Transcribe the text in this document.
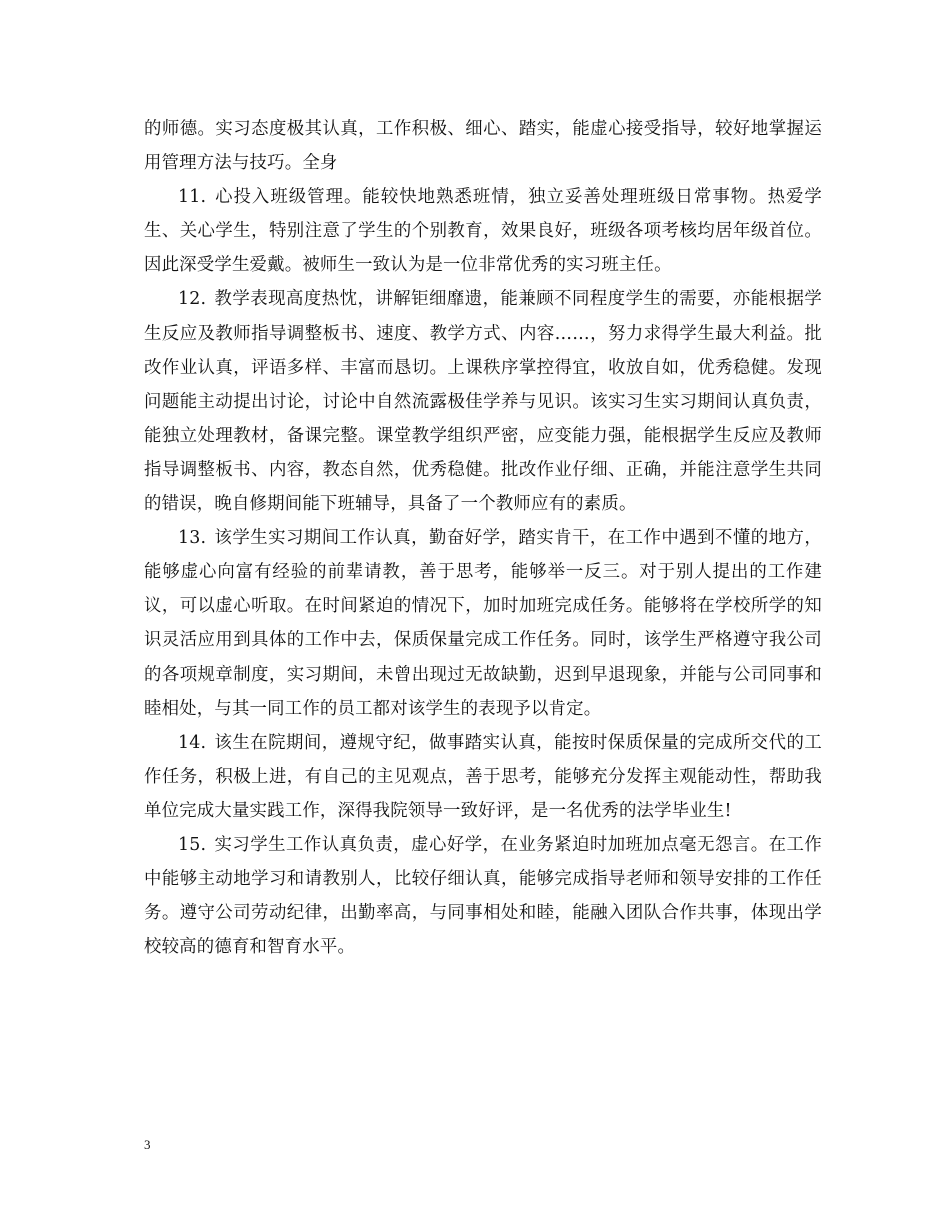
的师德。实习态度极其认真，工作积极、细心、踏实，能虚心接受指导，较好地掌握运用管理方法与技巧。全身

11. 心投入班级管理。能较快地熟悉班情，独立妥善处理班级日常事物。热爱学生、关心学生，特别注意了学生的个别教育，效果良好，班级各项考核均居年级首位。因此深受学生爱戴。被师生一致认为是一位非常优秀的实习班主任。

12. 教学表现高度热忱，讲解钜细靡遗，能兼顾不同程度学生的需要，亦能根据学生反应及教师指导调整板书、速度、教学方式、内容……，努力求得学生最大利益。批改作业认真，评语多样、丰富而恳切。上课秩序掌控得宜，收放自如，优秀稳健。发现问题能主动提出讨论，讨论中自然流露极佳学养与见识。该实习生实习期间认真负责，能独立处理教材，备课完整。课堂教学组织严密，应变能力强，能根据学生反应及教师指导调整板书、内容，教态自然，优秀稳健。批改作业仔细、正确，并能注意学生共同的错误，晚自修期间能下班辅导，具备了一个教师应有的素质。

13. 该学生实习期间工作认真，勤奋好学，踏实肯干，在工作中遇到不懂的地方，能够虚心向富有经验的前辈请教，善于思考，能够举一反三。对于别人提出的工作建议，可以虚心听取。在时间紧迫的情况下，加时加班完成任务。能够将在学校所学的知识灵活应用到具体的工作中去，保质保量完成工作任务。同时，该学生严格遵守我公司的各项规章制度，实习期间，未曾出现过无故缺勤，迟到早退现象，并能与公司同事和睦相处，与其一同工作的员工都对该学生的表现予以肯定。

14. 该生在院期间，遵规守纪，做事踏实认真，能按时保质保量的完成所交代的工作任务，积极上进，有自己的主见观点，善于思考，能够充分发挥主观能动性，帮助我单位完成大量实践工作，深得我院领导一致好评，是一名优秀的法学毕业生!

15. 实习学生工作认真负责，虚心好学，在业务紧迫时加班加点毫无怨言。在工作中能够主动地学习和请教别人，比较仔细认真，能够完成指导老师和领导安排的工作任务。遵守公司劳动纪律，出勤率高，与同事相处和睦，能融入团队合作共事，体现出学校较高的德育和智育水平。

3
